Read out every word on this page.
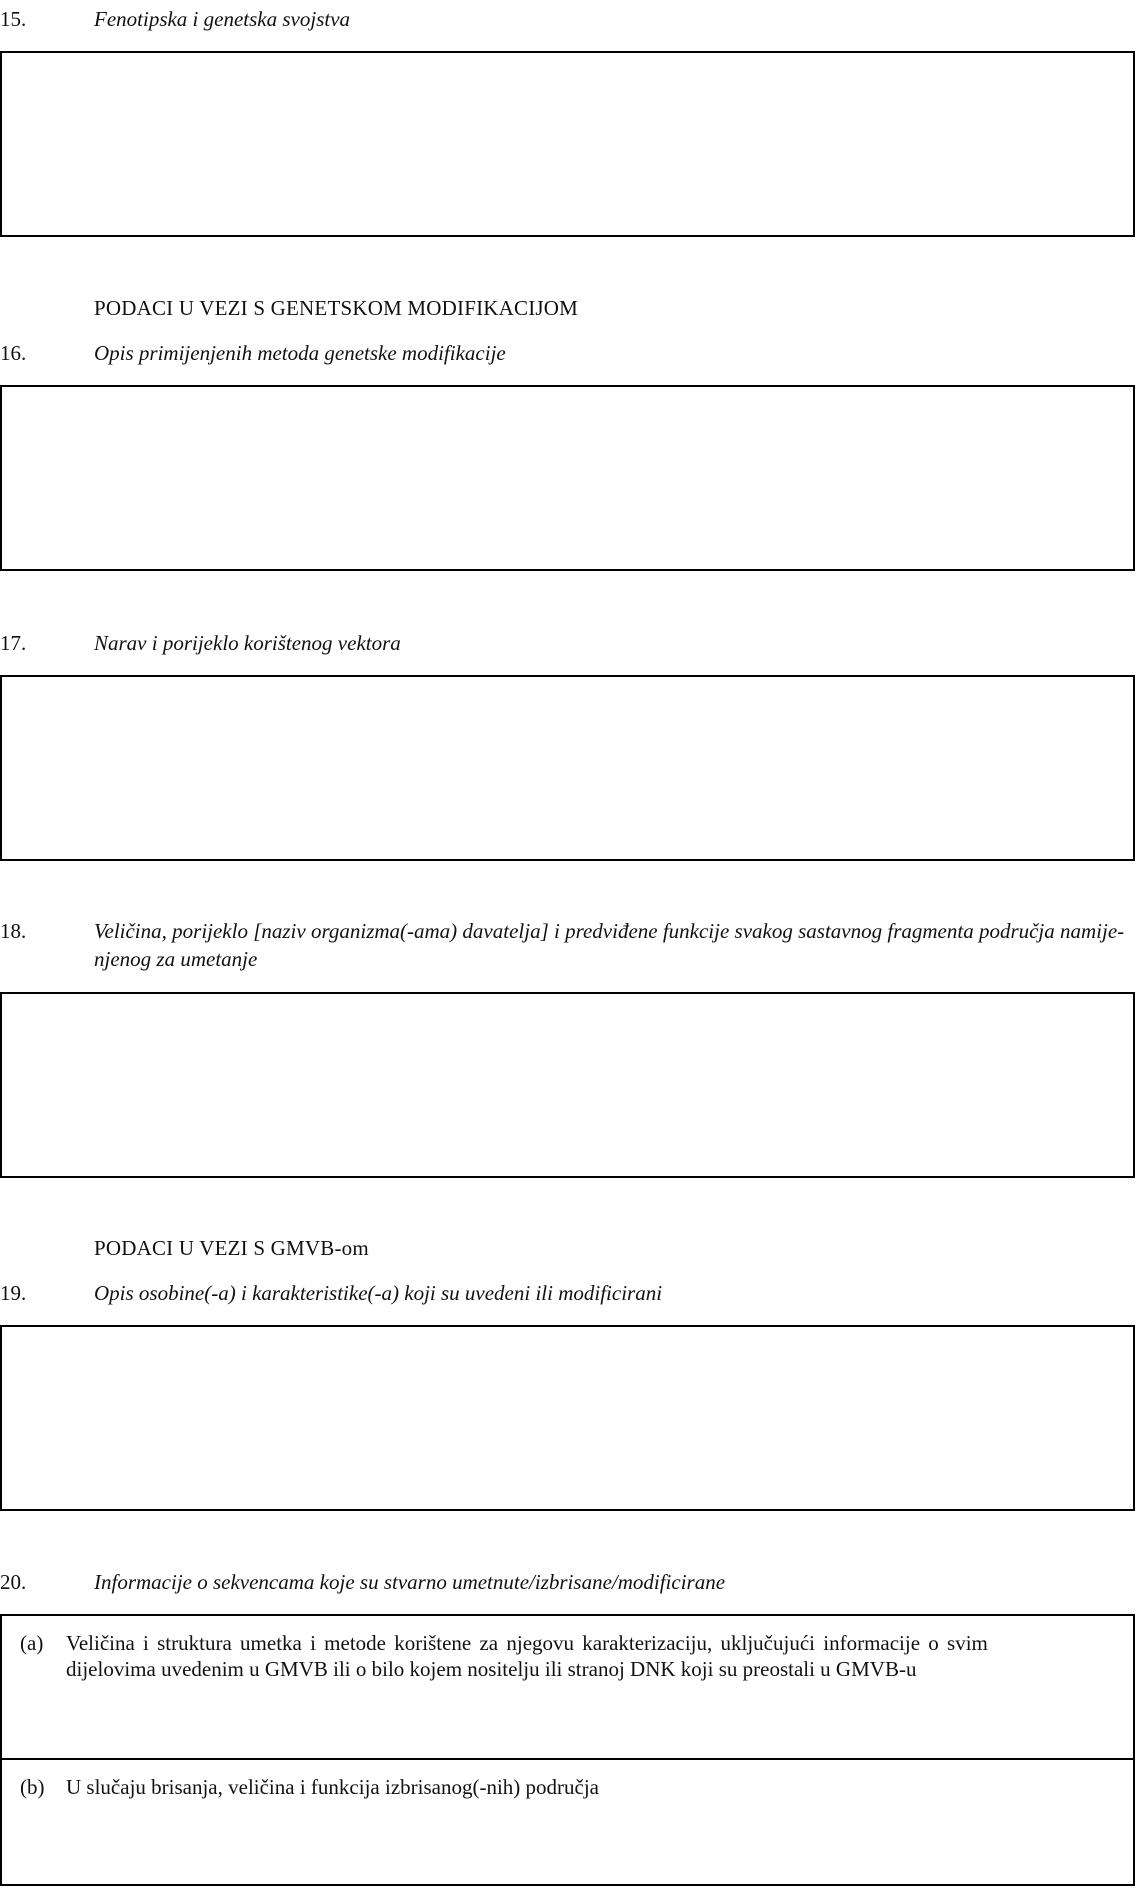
15.	Fenotipska i genetska svojstva
PODACI U VEZI S GENETSKOM MODIFIKACIJOM
16.	Opis primijenjenih metoda genetske modifikacije
17.	Narav i porijeklo korištenog vektora
18.	Veličina, porijeklo [naziv organizma(-ama) davatelja] i predviđene funkcije svakog sastavnog fragmenta područja namije-
njenog za umetanje
PODACI U VEZI S GMVB-om
19.	Opis osobine(-a) i karakteristike(-a) koji su uvedeni ili modificirani
20.	Informacije o sekvencama koje su stvarno umetnute/izbrisane/modificirane
(a) Veličina i struktura umetka i metode korištene za njegovu karakterizaciju, uključujući informacije o svim
dijelovima uvedenim u GMVB ili o bilo kojem nositelju ili stranoj DNK koji su preostali u GMVB-u
(b) U slučaju brisanja, veličina i funkcija izbrisanog(-nih) područja
